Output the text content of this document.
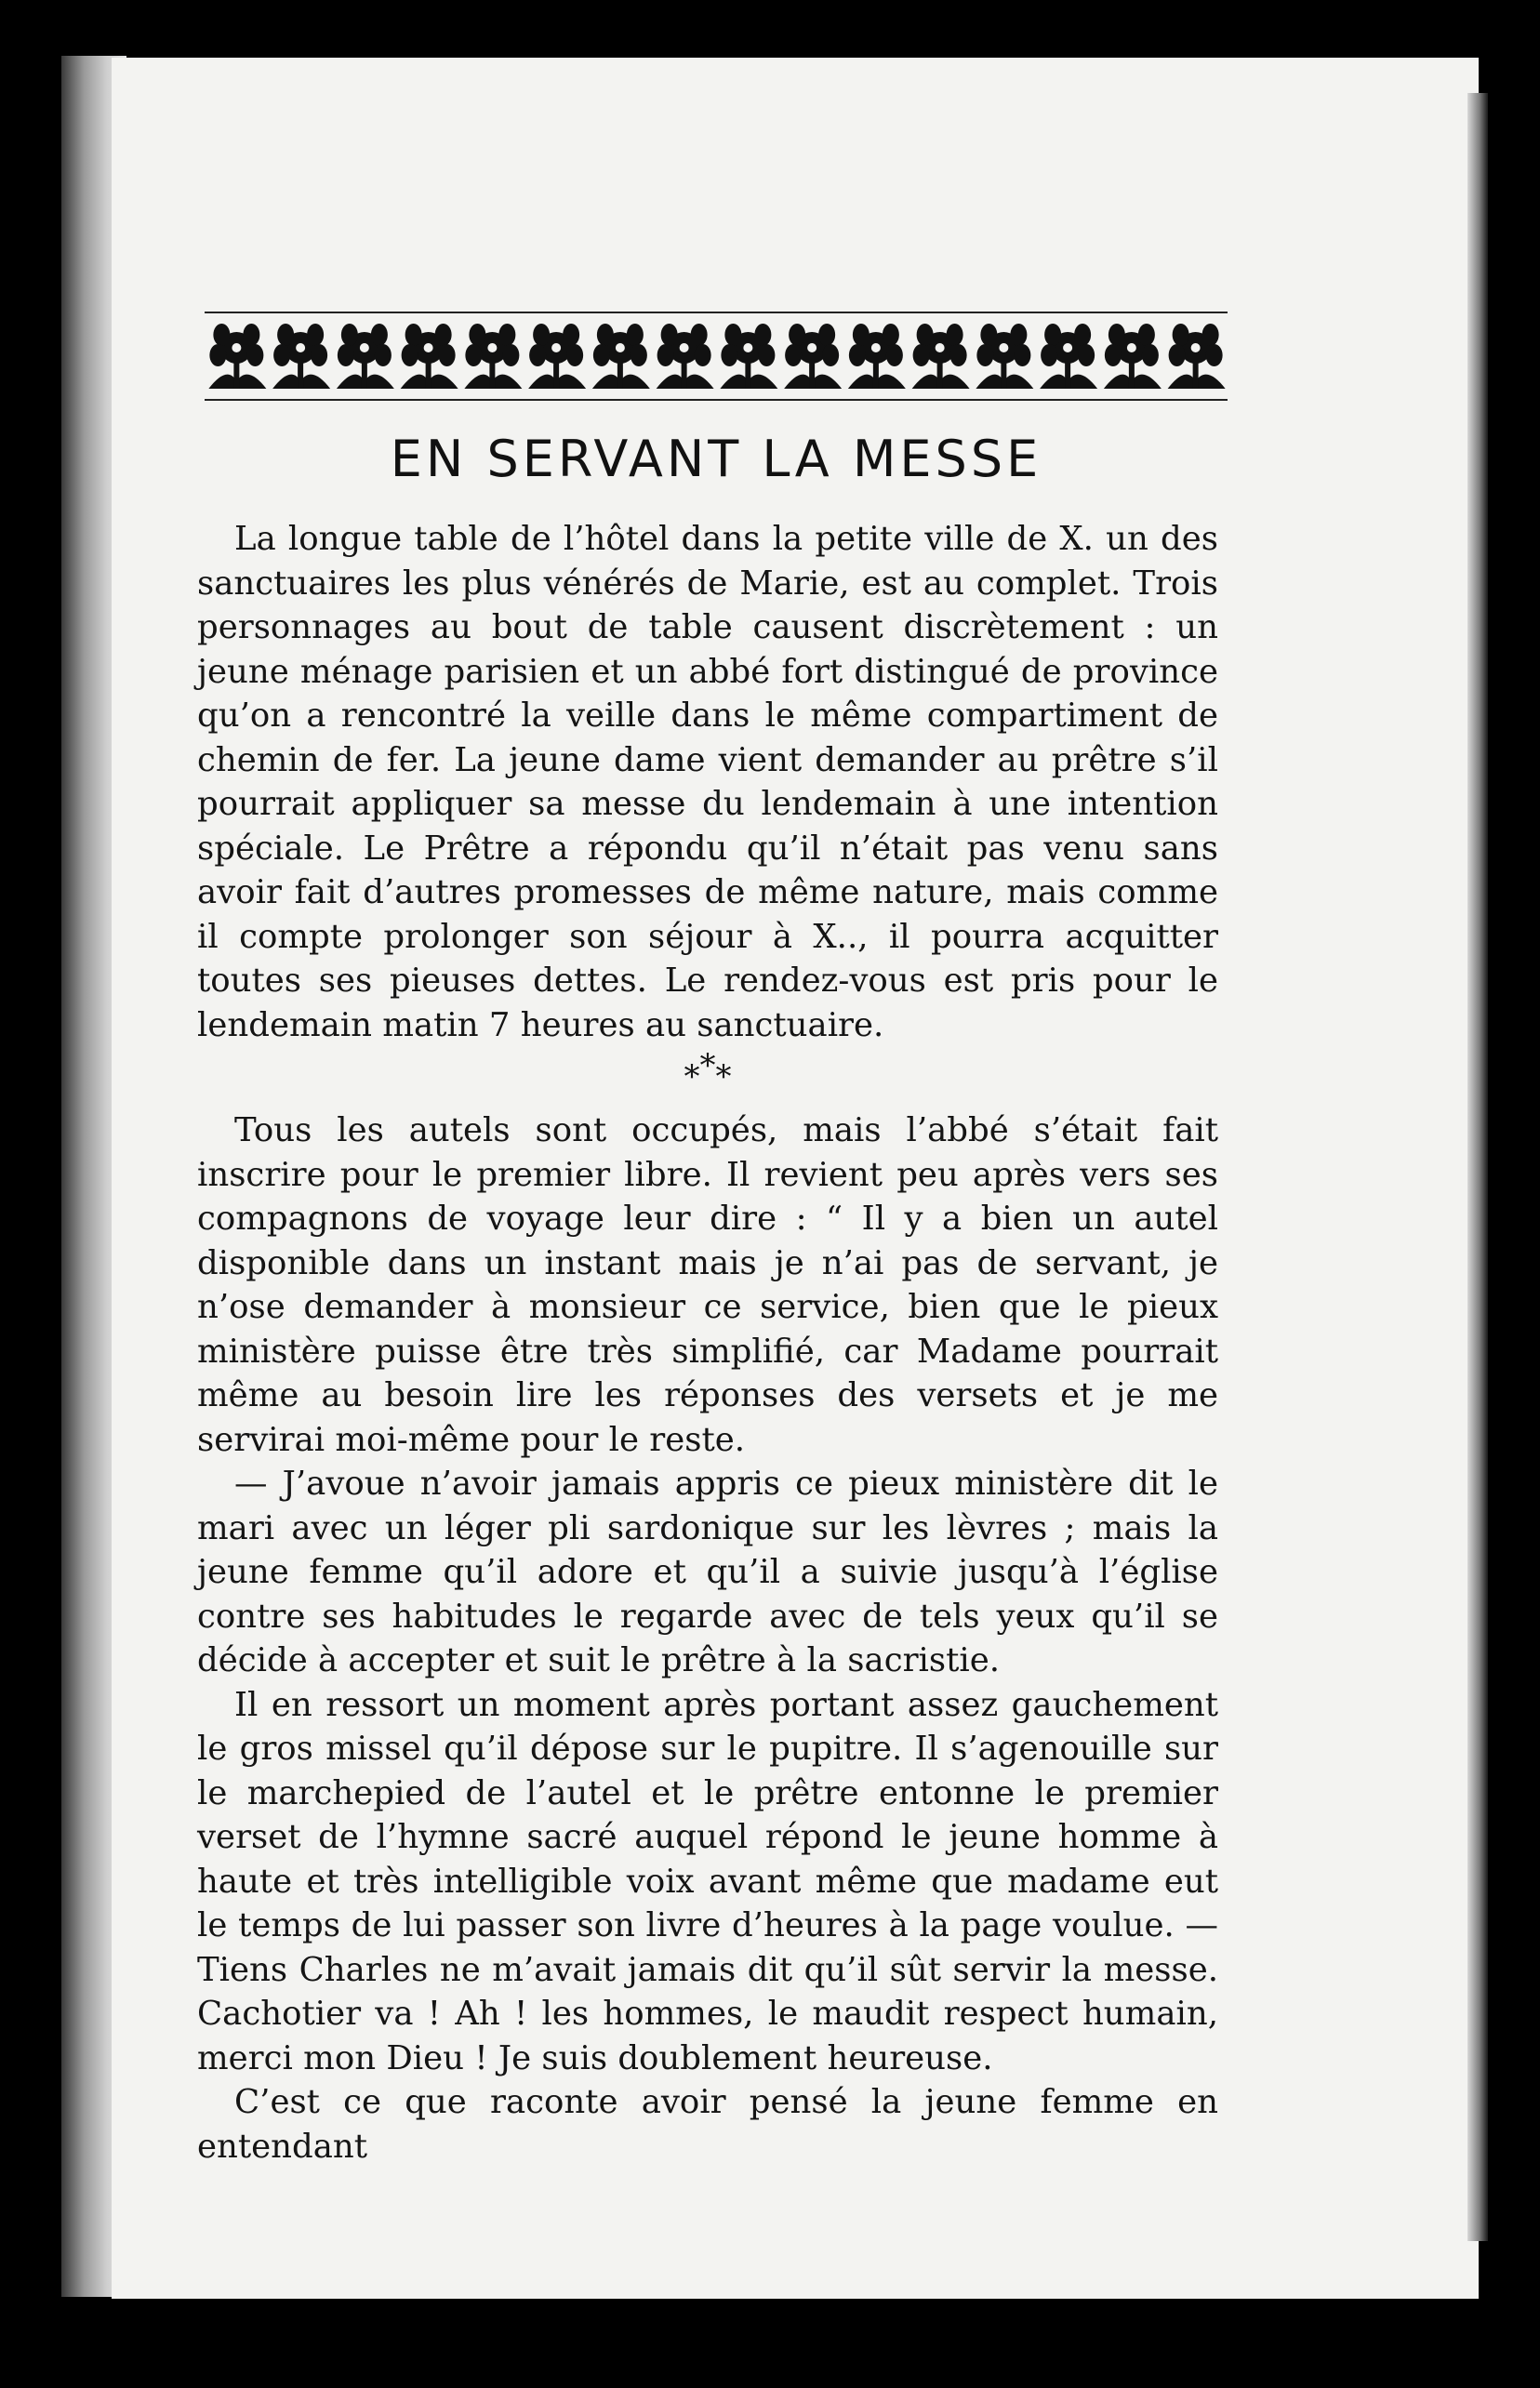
EN SERVANT LA MESSE

La longue table de l’hôtel dans la petite ville de X. un des sanctuaires les plus vénérés de Marie, est au complet. Trois personnages au bout de table causent discrètement : un jeune ménage parisien et un abbé fort distingué de province qu’on a rencontré la veille dans le même compartiment de chemin de fer. La jeune dame vient demander au prêtre s’il pourrait appliquer sa messe du lendemain à une intention spéciale. Le Prêtre a répondu qu’il n’était pas venu sans avoir fait d’autres promesses de même nature, mais comme il compte prolonger son séjour à X.., il pourra acquitter toutes ses pieuses dettes. Le rendez-vous est pris pour le lendemain matin 7 heures au sanctuaire.

***

Tous les autels sont occupés, mais l’abbé s’était fait inscrire pour le premier libre. Il revient peu après vers ses compagnons de voyage leur dire : “ Il y a bien un autel disponible dans un instant mais je n’ai pas de servant, je n’ose demander à monsieur ce service, bien que le pieux ministère puisse être très simplifié, car Madame pourrait même au besoin lire les réponses des versets et je me servirai moi-même pour le reste.

— J’avoue n’avoir jamais appris ce pieux ministère dit le mari avec un léger pli sardonique sur les lèvres ; mais la jeune femme qu’il adore et qu’il a suivie jusqu’à l’église contre ses habitudes le regarde avec de tels yeux qu’il se décide à accepter et suit le prêtre à la sacristie.

Il en ressort un moment après portant assez gauchement le gros missel qu’il dépose sur le pupitre. Il s’agenouille sur le marchepied de l’autel et le prêtre entonne le premier verset de l’hymne sacré auquel répond le jeune homme à haute et très intelligible voix avant même que madame eut le temps de lui passer son livre d’heures à la page voulue. — Tiens Charles ne m’avait jamais dit qu’il sût servir la messe. Cachotier va ! Ah ! les hommes, le maudit respect humain, merci mon Dieu ! Je suis doublement heureuse.

C’est ce que raconte avoir pensé la jeune femme en entendant
